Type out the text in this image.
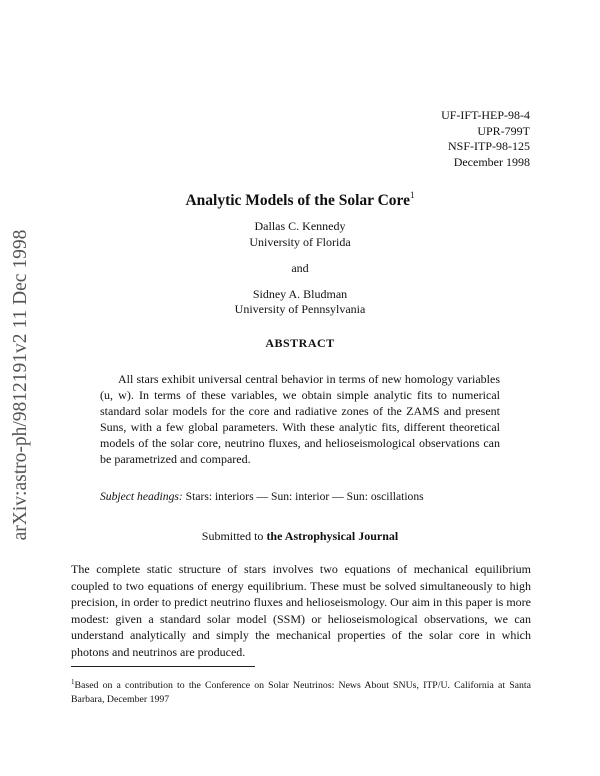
arXiv:astro-ph/9812191v2 11 Dec 1998
UF-IFT-HEP-98-4
UPR-799T
NSF-ITP-98-125
December 1998
Analytic Models of the Solar Core$^1$
Dallas C. Kennedy
University of Florida
and
Sidney A. Bludman
University of Pennsylvania
ABSTRACT
All stars exhibit universal central behavior in terms of new homology variables (u, w). In terms of these variables, we obtain simple analytic fits to numerical standard solar models for the core and radiative zones of the ZAMS and present Suns, with a few global parameters. With these analytic fits, different theoretical models of the solar core, neutrino fluxes, and helioseismological observations can be parametrized and compared.
Subject headings: Stars: interiors — Sun: interior — Sun: oscillations
Submitted to the Astrophysical Journal
The complete static structure of stars involves two equations of mechanical equilibrium coupled to two equations of energy equilibrium. These must be solved simultaneously to high precision, in order to predict neutrino fluxes and helioseismology. Our aim in this paper is more modest: given a standard solar model (SSM) or helioseismological observations, we can understand analytically and simply the mechanical properties of the solar core in which photons and neutrinos are produced.
$^1$Based on a contribution to the Conference on Solar Neutrinos: News About SNUs, ITP/U. California at Santa Barbara, December 1997
